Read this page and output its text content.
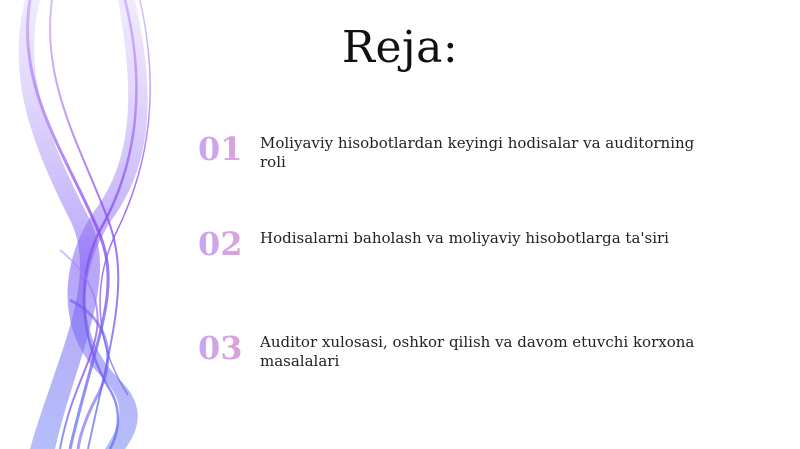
Reja:
01	Moliyaviy hisobotlardan keyingi hodisalar va auditorning roli
02	Hodisalarni baholash va moliyaviy hisobotlarga ta'siri
03	Auditor xulosasi, oshkor qilish va davom etuvchi korxona masalalari
